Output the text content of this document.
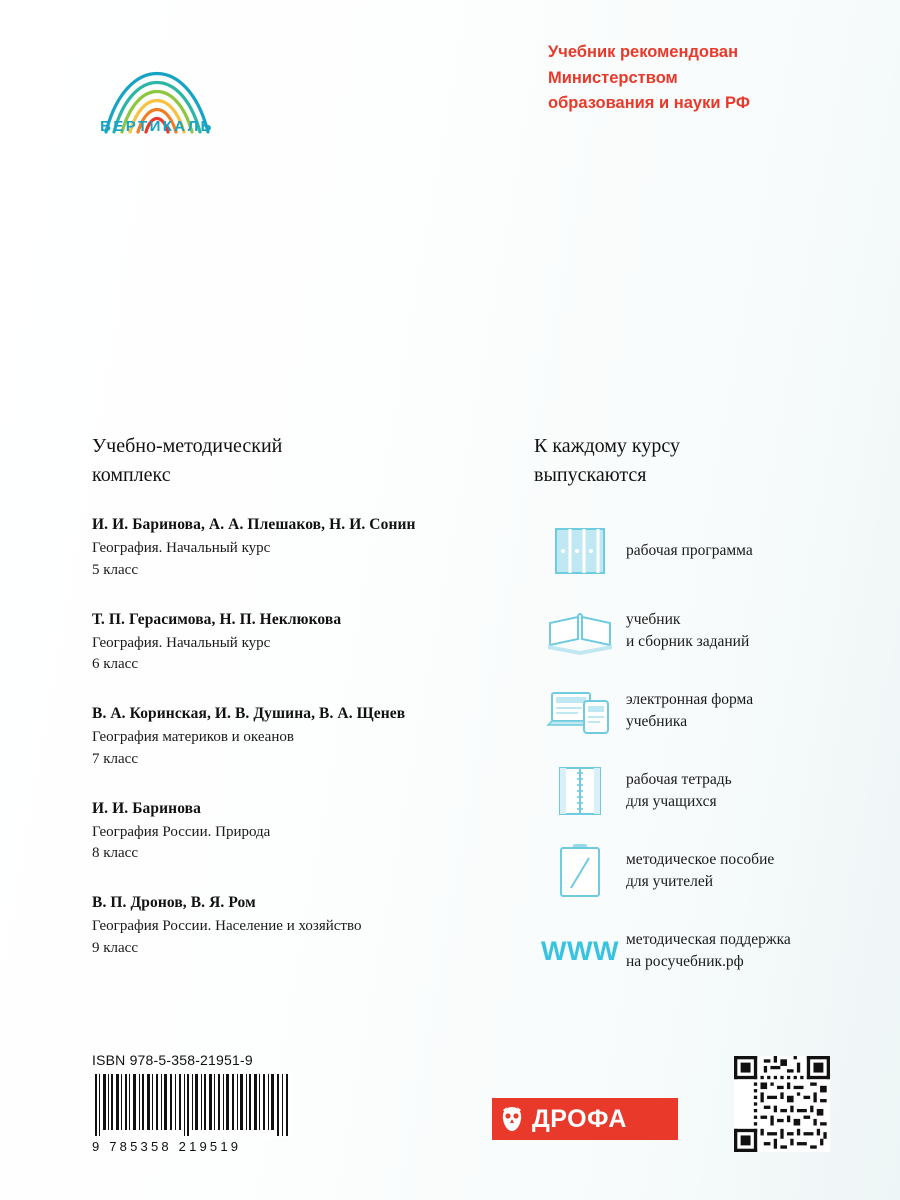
ВЕРТИКАЛЬ
Учебник рекомендован
Министерством
образования и науки РФ
Учебно-методический
комплекс
И. И. Баринова, А. А. Плешаков, Н. И. Сонин
География. Начальный курс
5 класс
Т. П. Герасимова, Н. П. Неклюкова
География. Начальный курс
6 класс
В. А. Коринская, И. В. Душина, В. А. Щенев
География материков и океанов
7 класс
И. И. Баринова
География России. Природа
8 класс
В. П. Дронов, В. Я. Ром
География России. Население и хозяйство
9 класс
К каждому курсу
выпускаются
рабочая программа
учебник
и сборник заданий
электронная форма
учебника
рабочая тетрадь
для учащихся
методическое пособие
для учителей
WWW методическая поддержка
на росучебник.рф
ISBN 978-5-358-21951-9
9 785358 219519
ДРОФА
